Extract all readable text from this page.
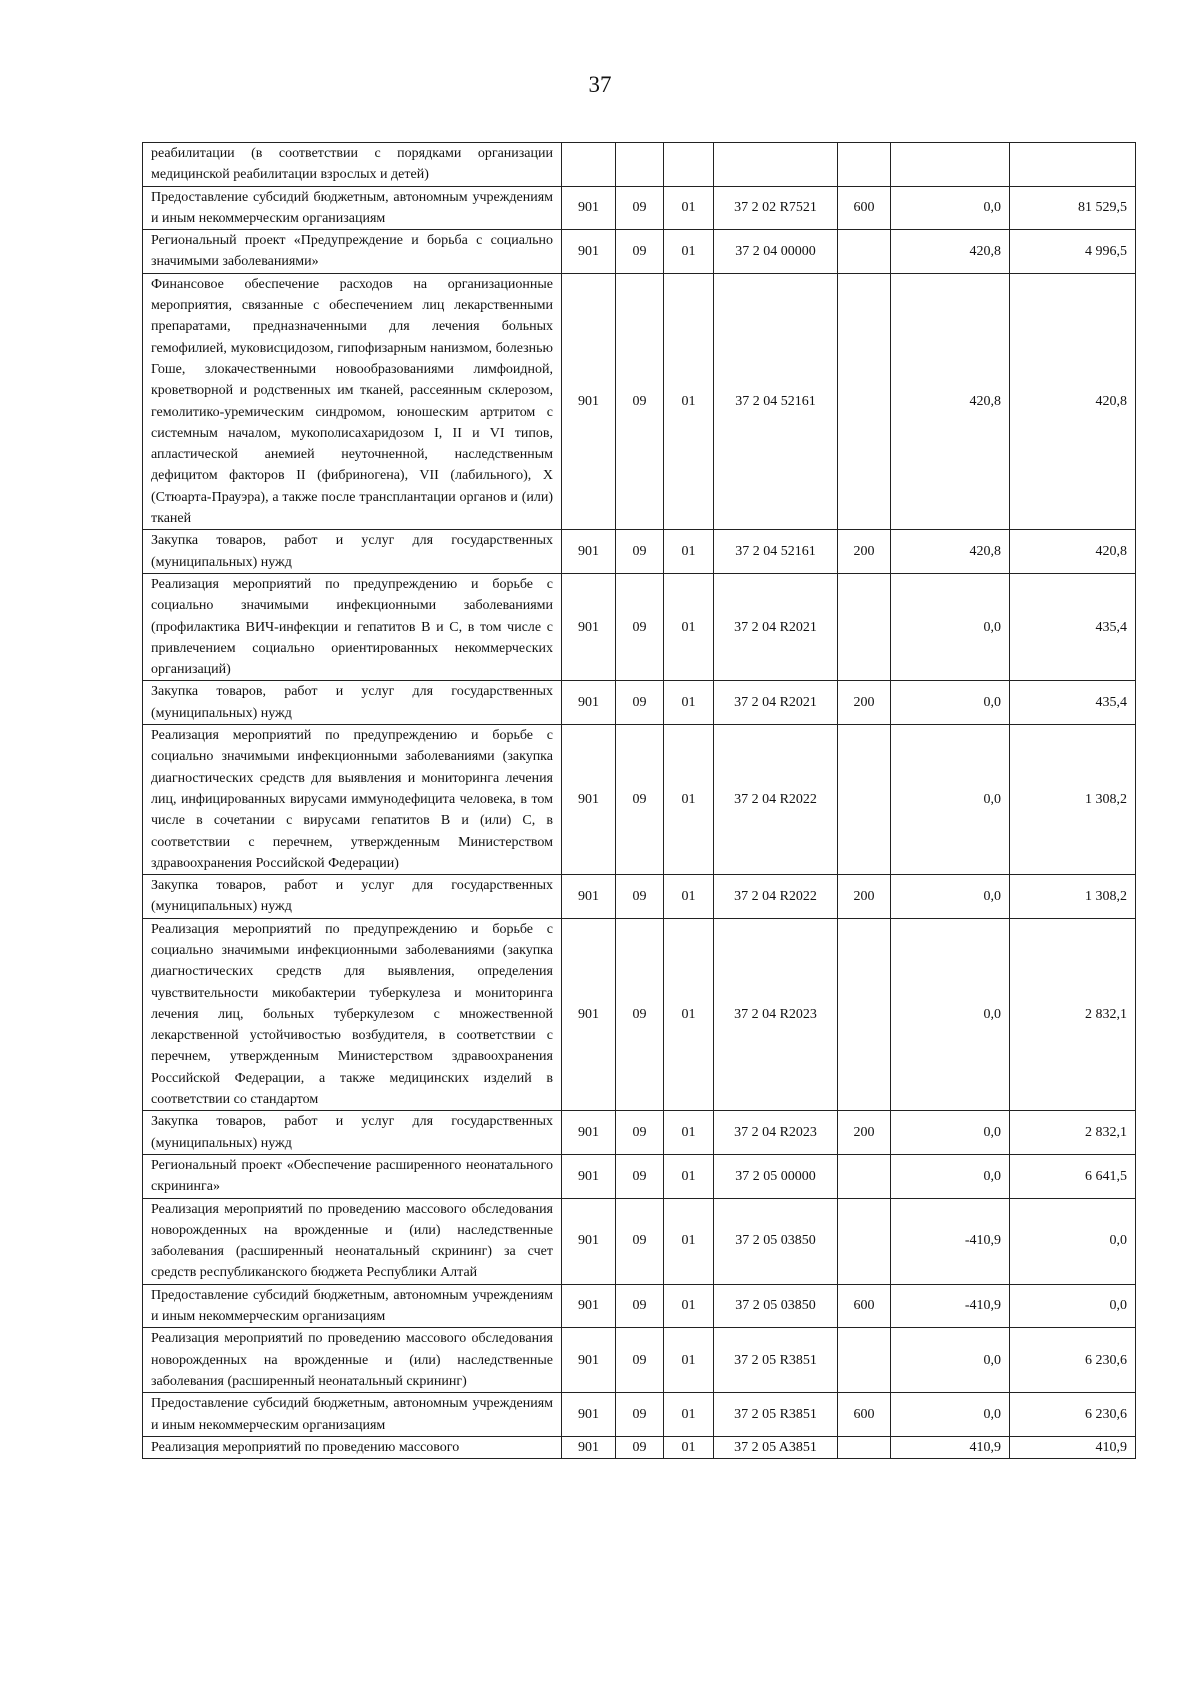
37
реабилитации (в соответствии с порядками организации медицинской реабилитации взрослых и детей)							
Предоставление субсидий бюджетным, автономным учреждениям и иным некоммерческим организациям	901	09	01	37 2 02 R7521	600	0,0	81 529,5
Региональный проект «Предупреждение и борьба с социально значимыми заболеваниями»	901	09	01	37 2 04 00000		420,8	4 996,5
Финансовое обеспечение расходов на организационные мероприятия, связанные с обеспечением лиц лекарственными препаратами, предназначенными для лечения больных гемофилией, муковисцидозом, гипофизарным нанизмом, болезнью Гоше, злокачественными новообразованиями лимфоидной, кроветворной и родственных им тканей, рассеянным склерозом, гемолитико-уремическим синдромом, юношеским артритом с системным началом, мукополисахаридозом I, II и VI типов, апластической анемией неуточненной, наследственным дефицитом факторов II (фибриногена), VII (лабильного), X (Стюарта-Прауэра), а также после трансплантации органов и (или) тканей	901	09	01	37 2 04 52161		420,8	420,8
Закупка товаров, работ и услуг для государственных (муниципальных) нужд	901	09	01	37 2 04 52161	200	420,8	420,8
Реализация мероприятий по предупреждению и борьбе с социально значимыми инфекционными заболеваниями (профилактика ВИЧ-инфекции и гепатитов B и C, в том числе с привлечением социально ориентированных некоммерческих организаций)	901	09	01	37 2 04 R2021		0,0	435,4
Закупка товаров, работ и услуг для государственных (муниципальных) нужд	901	09	01	37 2 04 R2021	200	0,0	435,4
Реализация мероприятий по предупреждению и борьбе с социально значимыми инфекционными заболеваниями (закупка диагностических средств для выявления и мониторинга лечения лиц, инфицированных вирусами иммунодефицита человека, в том числе в сочетании с вирусами гепатитов B и (или) C, в соответствии с перечнем, утвержденным Министерством здравоохранения Российской Федерации)	901	09	01	37 2 04 R2022		0,0	1 308,2
Закупка товаров, работ и услуг для государственных (муниципальных) нужд	901	09	01	37 2 04 R2022	200	0,0	1 308,2
Реализация мероприятий по предупреждению и борьбе с социально значимыми инфекционными заболеваниями (закупка диагностических средств для выявления, определения чувствительности микобактерии туберкулеза и мониторинга лечения лиц, больных туберкулезом с множественной лекарственной устойчивостью возбудителя, в соответствии с перечнем, утвержденным Министерством здравоохранения Российской Федерации, а также медицинских изделий в соответствии со стандартом	901	09	01	37 2 04 R2023		0,0	2 832,1
Закупка товаров, работ и услуг для государственных (муниципальных) нужд	901	09	01	37 2 04 R2023	200	0,0	2 832,1
Региональный проект «Обеспечение расширенного неонатального скрининга»	901	09	01	37 2 05 00000		0,0	6 641,5
Реализация мероприятий по проведению массового обследования новорожденных на врожденные и (или) наследственные заболевания (расширенный неонатальный скрининг) за счет средств республиканского бюджета Республики Алтай	901	09	01	37 2 05 03850		-410,9	0,0
Предоставление субсидий бюджетным, автономным учреждениям и иным некоммерческим организациям	901	09	01	37 2 05 03850	600	-410,9	0,0
Реализация мероприятий по проведению массового обследования новорожденных на врожденные и (или) наследственные заболевания (расширенный неонатальный скрининг)	901	09	01	37 2 05 R3851		0,0	6 230,6
Предоставление субсидий бюджетным, автономным учреждениям и иным некоммерческим организациям	901	09	01	37 2 05 R3851	600	0,0	6 230,6
Реализация мероприятий по проведению массового	901	09	01	37 2 05 A3851		410,9	410,9
